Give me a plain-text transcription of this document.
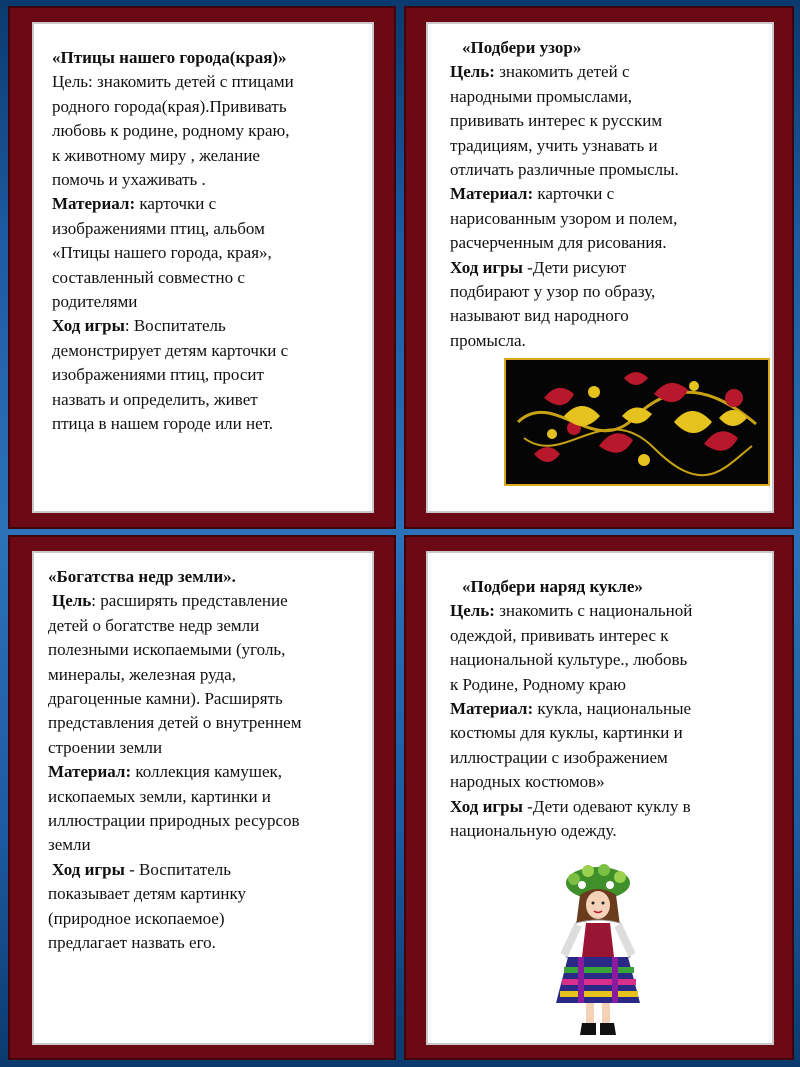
«Птицы нашего города(края)»

Цель: знакомить детей с птицами

родного города(края).Прививать

любовь к родине, родному краю,

к животному миру , желание

помочь и ухаживать .

Материал: карточки с

изображениями птиц, альбом

«Птицы нашего города, края»,

составленный совместно с

родителями

Ход игры: Воспитатель

демонстрирует детям карточки с

изображениями птиц, просит

назвать и определить, живет

птица в нашем городе или нет.

«Подбери узор»

Цель: знакомить детей с

народными промыслами,

прививать интерес к русским

традициям, учить узнавать и

отличать различные промыслы.

Материал: карточки с

нарисованным узором и полем,

расчерченным для рисования.

Ход игры -Дети рисуют

подбирают у узор по образу,

называют вид народного

промысла.

«Богатства недр земли».

Цель: расширять представление

детей о богатстве недр земли

полезными ископаемыми (уголь,

минералы, железная руда,

драгоценные камни). Расширять

представления детей о внутреннем

строении земли

Материал: коллекция камушек,

ископаемых земли, картинки и

иллюстрации природных ресурсов

земли

Ход игры - Воспитатель

показывает детям картинку

(природное ископаемое)

предлагает назвать его.

«Подбери наряд кукле»

Цель: знакомить с национальной

одеждой, прививать интерес к

национальной культуре., любовь

к Родине, Родному краю

Материал: кукла, национальные

костюмы для куклы, картинки и

иллюстрации с изображением

народных костюмов»

Ход игры -Дети одевают куклу в

национальную одежду.
